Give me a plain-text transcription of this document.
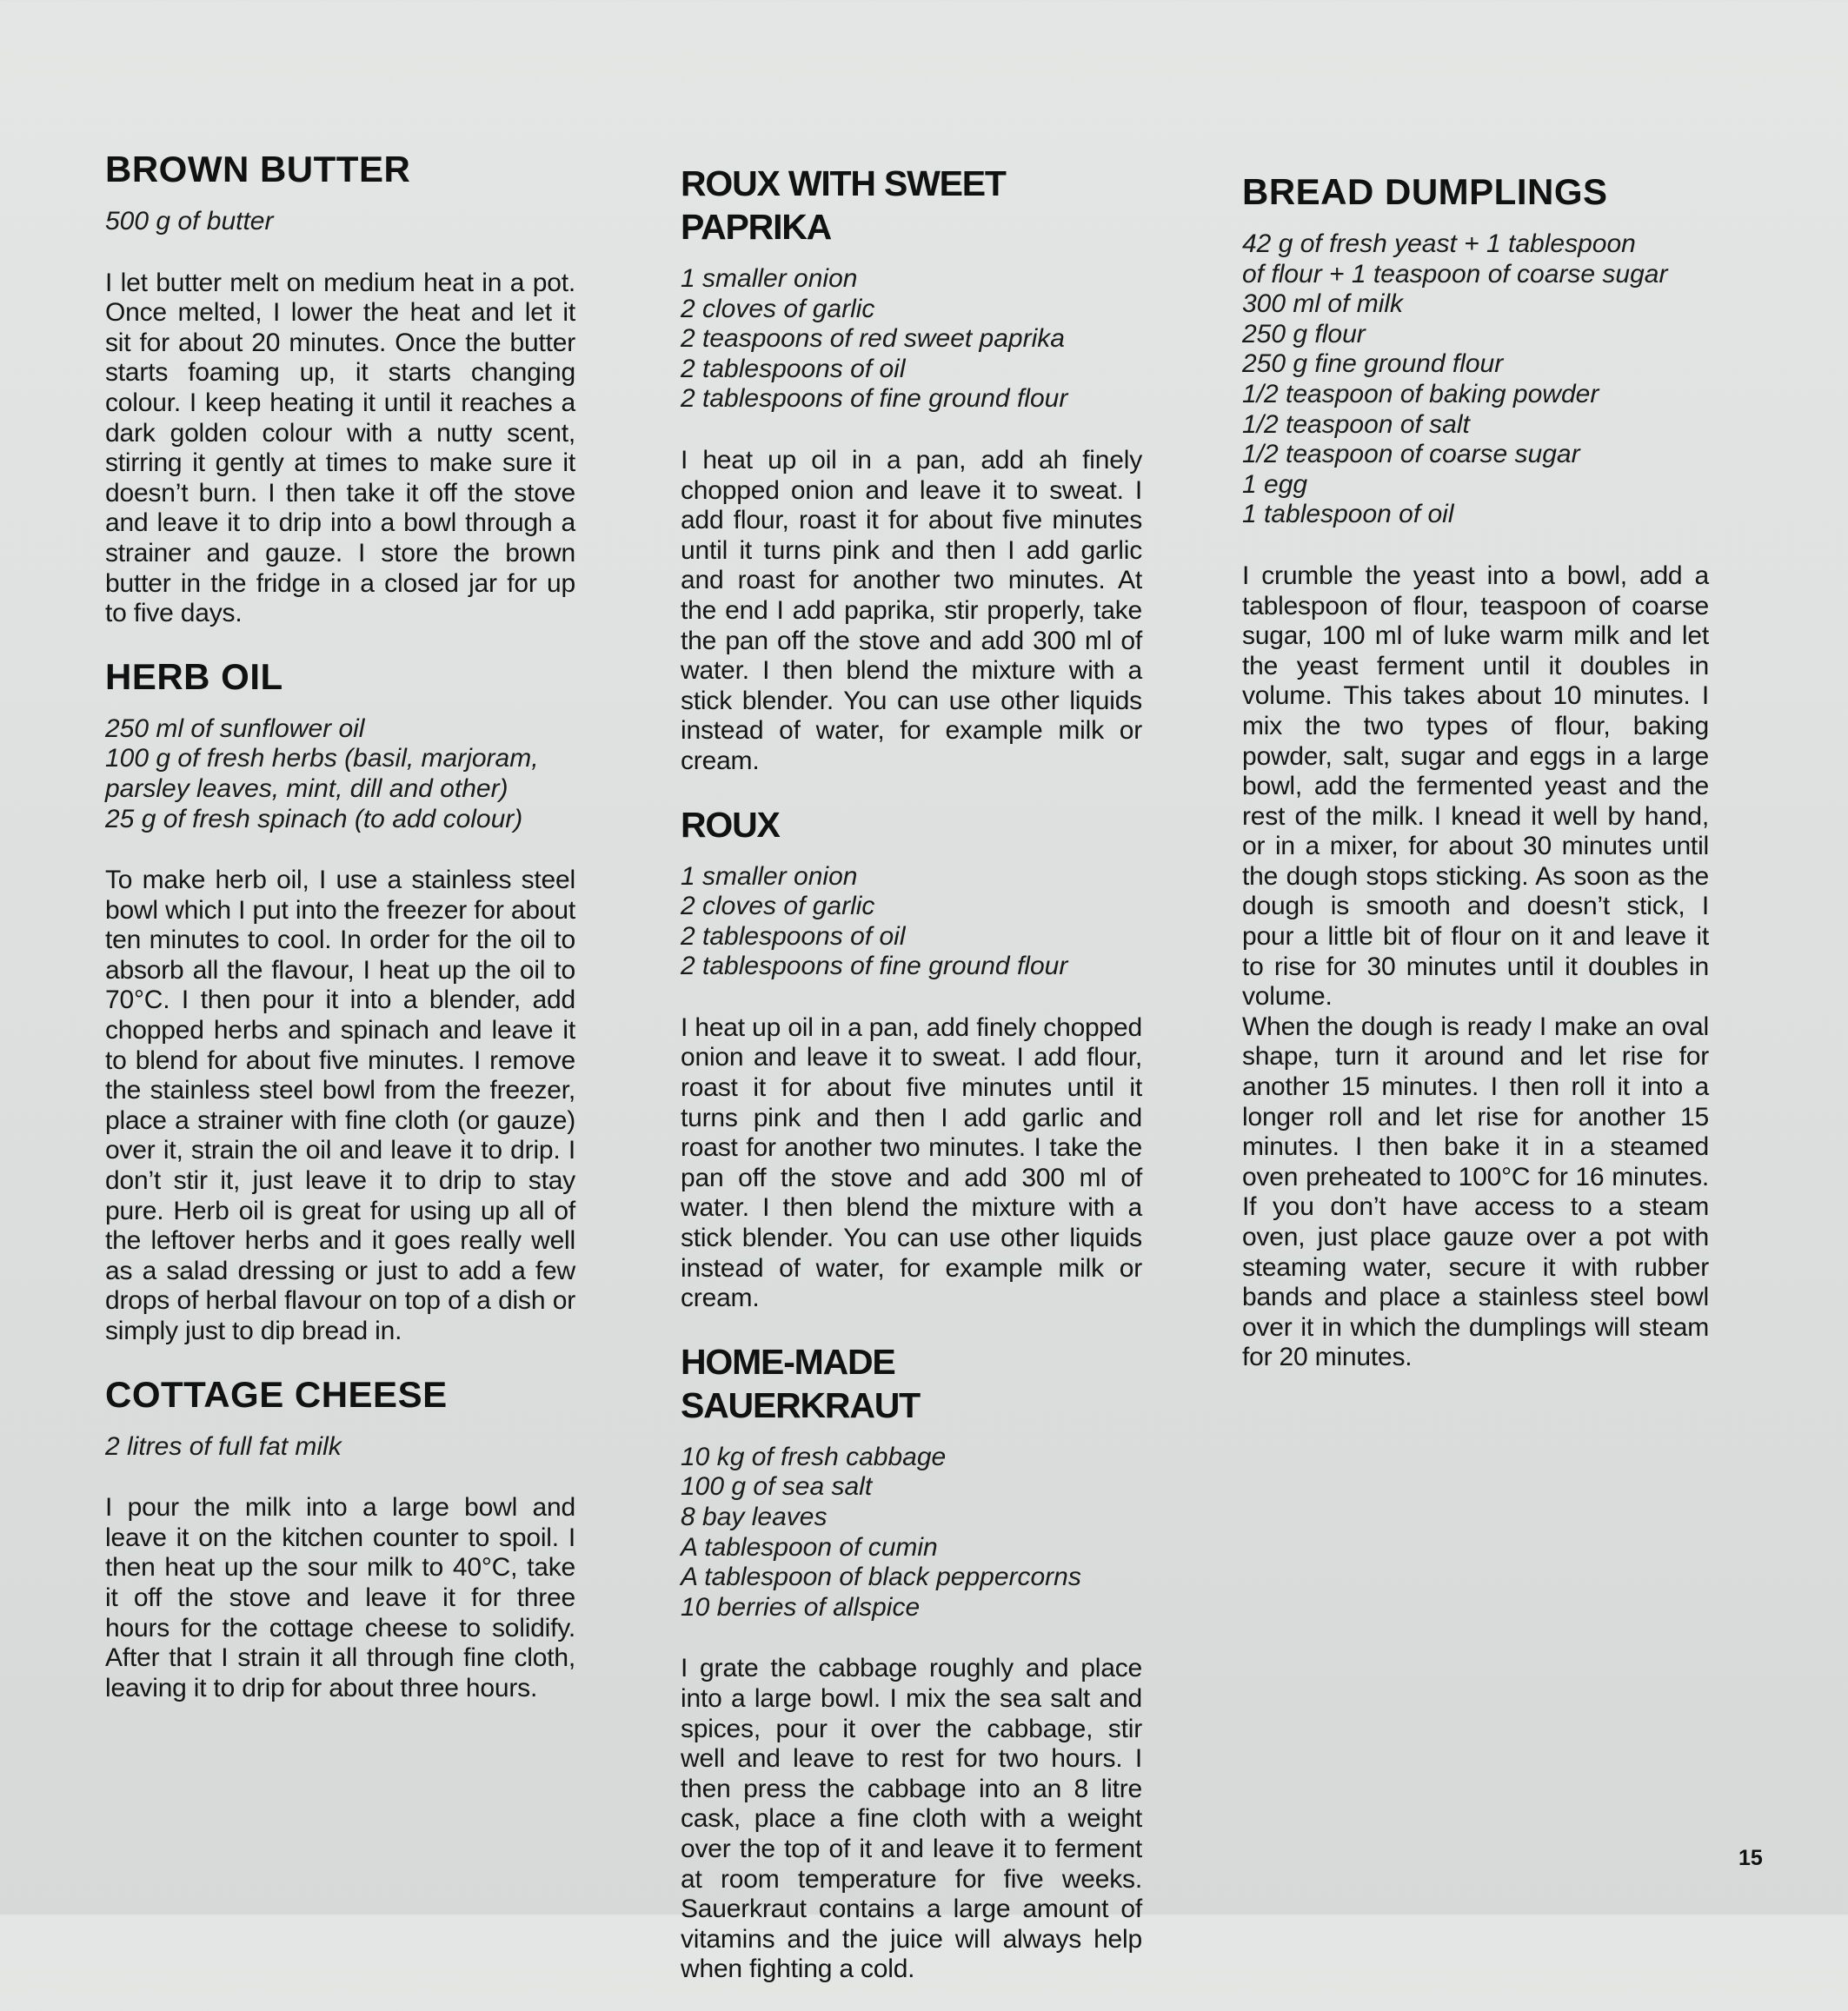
BROWN BUTTER
500 g of butter

I let butter melt on medium heat in a pot. Once melted, I lower the heat and let it sit for about 20 minutes. Once the butter starts foaming up, it starts changing colour. I keep heating it until it reaches a dark golden colour with a nutty scent, stirring it gently at times to make sure it doesn’t burn. I then take it off the stove and leave it to drip into a bowl through a strainer and gauze. I store the brown butter in the fridge in a closed jar for up to five days.

HERB OIL
250 ml of sunflower oil
100 g of fresh herbs (basil, marjoram,
parsley leaves, mint, dill and other)
25 g of fresh spinach (to add colour)

To make herb oil, I use a stainless steel bowl which I put into the freezer for about ten minutes to cool. In order for the oil to absorb all the flavour, I heat up the oil to 70°C. I then pour it into a blender, add chopped herbs and spinach and leave it to blend for about five minutes. I remove the stainless steel bowl from the freezer, place a strainer with fine cloth (or gauze) over it, strain the oil and leave it to drip. I don’t stir it, just leave it to drip to stay pure. Herb oil is great for using up all of the leftover herbs and it goes really well as a salad dressing or just to add a few drops of herbal flavour on top of a dish or simply just to dip bread in.

COTTAGE CHEESE
2 litres of full fat milk

I pour the milk into a large bowl and leave it on the kitchen counter to spoil. I then heat up the sour milk to 40°C, take it off the stove and leave it for three hours for the cottage cheese to solidify. After that I strain it all through fine cloth, leaving it to drip for about three hours.

ROUX WITH SWEET PAPRIKA
1 smaller onion
2 cloves of garlic
2 teaspoons of red sweet paprika
2 tablespoons of oil
2 tablespoons of fine ground flour

I heat up oil in a pan, add ah finely chopped onion and leave it to sweat. I add flour, roast it for about five minutes until it turns pink and then I add garlic and roast for another two minutes. At the end I add paprika, stir properly, take the pan off the stove and add 300 ml of water. I then blend the mixture with a stick blender. You can use other liquids instead of water, for example milk or cream.

ROUX
1 smaller onion
2 cloves of garlic
2 tablespoons of oil
2 tablespoons of fine ground flour

I heat up oil in a pan, add finely chopped onion and leave it to sweat. I add flour, roast it for about five minutes until it turns pink and then I add garlic and roast for another two minutes. I take the pan off the stove and add 300 ml of water. I then blend the mixture with a stick blender. You can use other liquids instead of water, for example milk or cream.

HOME-MADE SAUERKRAUT
10 kg of fresh cabbage
100 g of sea salt
8 bay leaves
A tablespoon of cumin
A tablespoon of black peppercorns
10 berries of allspice

I grate the cabbage roughly and place into a large bowl. I mix the sea salt and spices, pour it over the cabbage, stir well and leave to rest for two hours. I then press the cabbage into an 8 litre cask, place a fine cloth with a weight over the top of it and leave it to ferment at room temperature for five weeks. Sauerkraut contains a large amount of vitamins and the juice will always help when fighting a cold.

BREAD DUMPLINGS
42 g of fresh yeast + 1 tablespoon
of flour + 1 teaspoon of coarse sugar
300 ml of milk
250 g flour
250 g fine ground flour
1/2 teaspoon of baking powder
1/2 teaspoon of salt
1/2 teaspoon of coarse sugar
1 egg
1 tablespoon of oil

I crumble the yeast into a bowl, add a tablespoon of flour, teaspoon of coarse sugar, 100 ml of luke warm milk and let the yeast ferment until it doubles in volume. This takes about 10 minutes. I mix the two types of flour, baking powder, salt, sugar and eggs in a large bowl, add the fermented yeast and the rest of the milk. I knead it well by hand, or in a mixer, for about 30 minutes until the dough stops sticking. As soon as the dough is smooth and doesn’t stick, I pour a little bit of flour on it and leave it to rise for 30 minutes until it doubles in volume.

When the dough is ready I make an oval shape, turn it around and let rise for another 15 minutes. I then roll it into a longer roll and let rise for another 15 minutes. I then bake it in a steamed oven preheated to 100°C for 16 minutes. If you don’t have access to a steam oven, just place gauze over a pot with steaming water, secure it with rubber bands and place a stainless steel bowl over it in which the dumplings will steam for 20 minutes.

15
